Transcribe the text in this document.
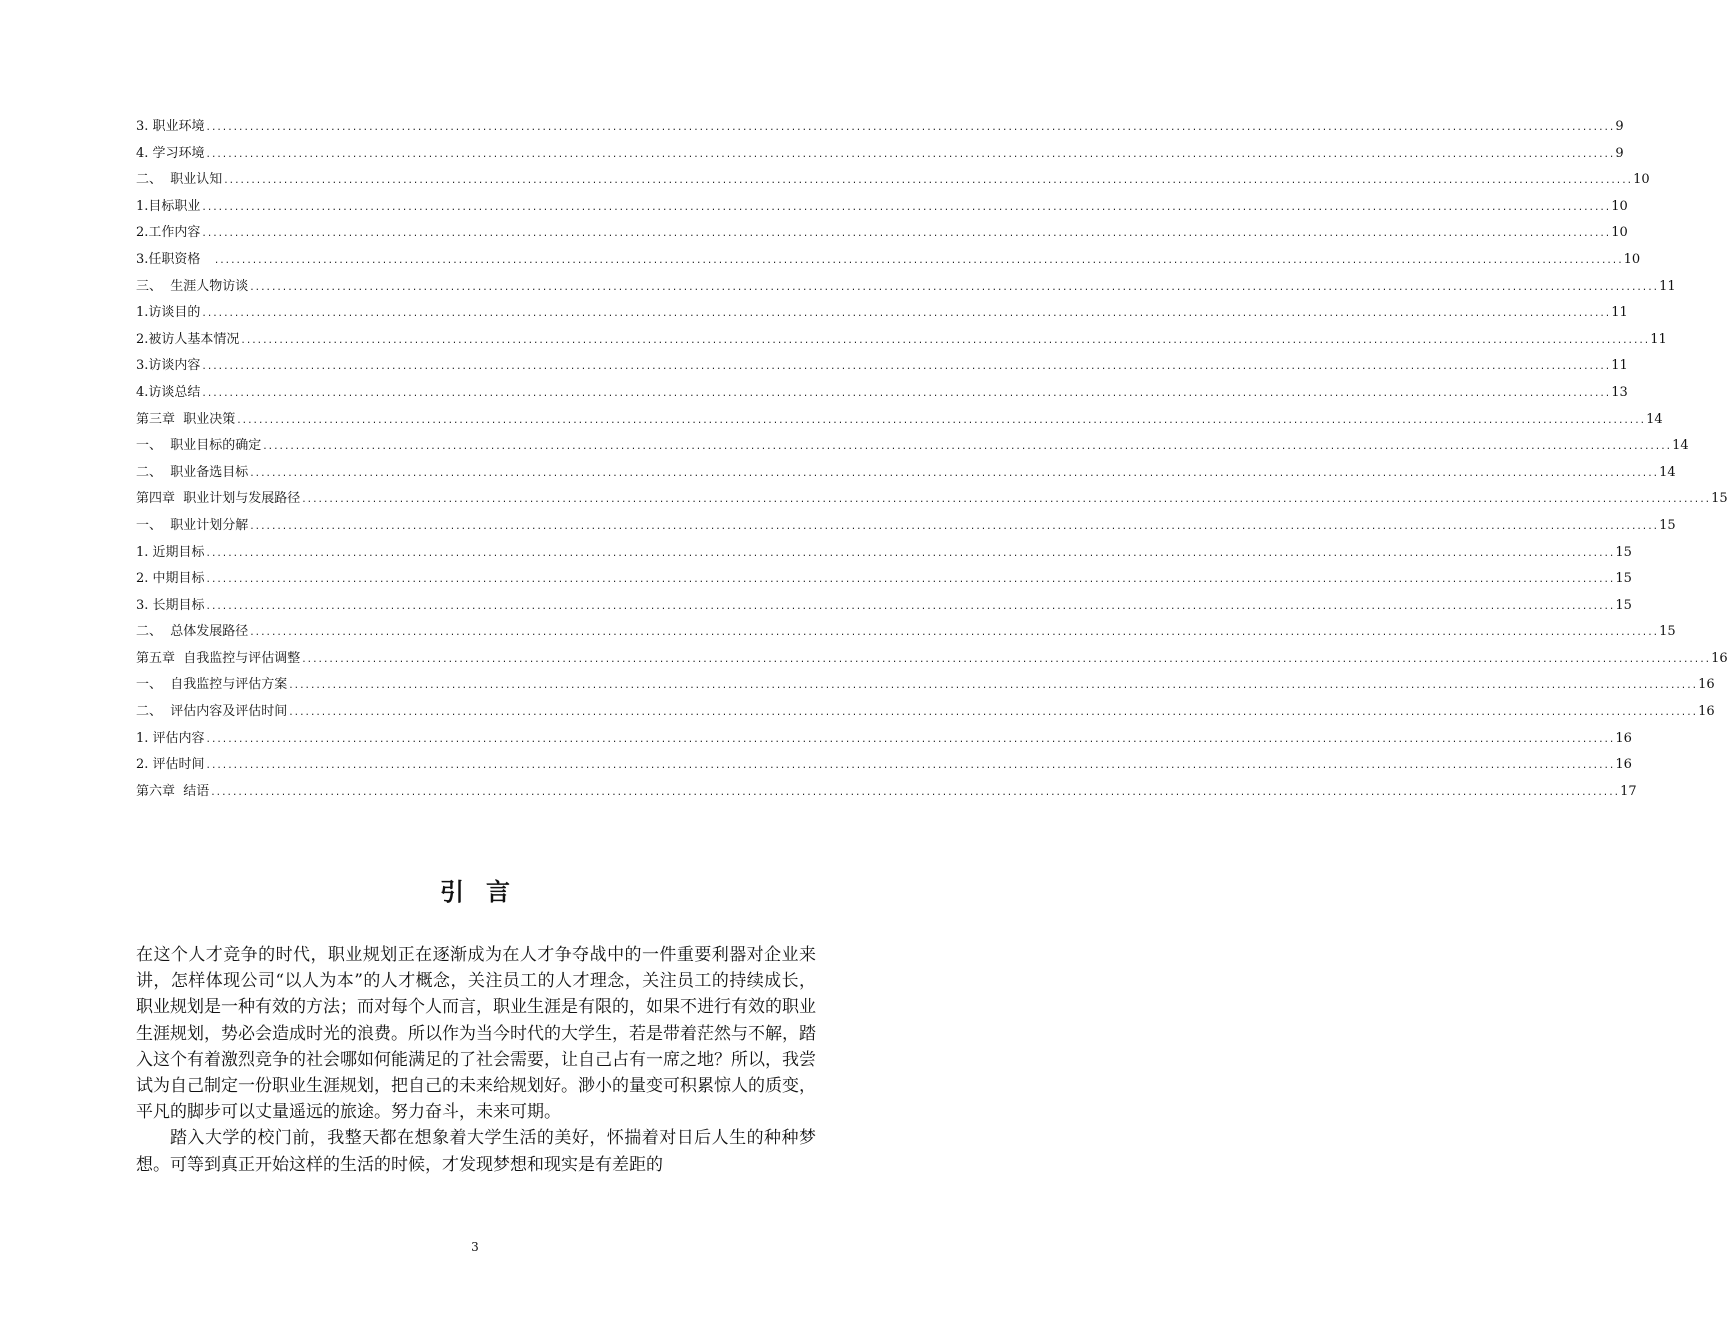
3. 职业环境 .................................................................................................................................................................................................................................................................... 9
4. 学习环境 .................................................................................................................................................................................................................................................................... 9
二、  职业认知 .................................................................................................................................................................................................................................................................... 10
1.目标职业 .................................................................................................................................................................................................................................................................... 10
2.工作内容 .................................................................................................................................................................................................................................................................... 10
3.任职资格 .................................................................................................................................................................................................................................................................... 10
三、  生涯人物访谈 .................................................................................................................................................................................................................................................................... 11
1.访谈目的 .................................................................................................................................................................................................................................................................... 11
2.被访人基本情况 .................................................................................................................................................................................................................................................................... 11
3.访谈内容 .................................................................................................................................................................................................................................................................... 11
4.访谈总结 .................................................................................................................................................................................................................................................................... 13
第三章  职业决策 .................................................................................................................................................................................................................................................................... 14
一、  职业目标的确定 .................................................................................................................................................................................................................................................................... 14
二、  职业备选目标 .................................................................................................................................................................................................................................................................... 14
第四章  职业计划与发展路径 .................................................................................................................................................................................................................................................................... 15
一、  职业计划分解 .................................................................................................................................................................................................................................................................... 15
1. 近期目标 .................................................................................................................................................................................................................................................................... 15
2. 中期目标 .................................................................................................................................................................................................................................................................... 15
3. 长期目标 .................................................................................................................................................................................................................................................................... 15
二、  总体发展路径 .................................................................................................................................................................................................................................................................... 15
第五章  自我监控与评估调整 .................................................................................................................................................................................................................................................................... 16
一、  自我监控与评估方案 .................................................................................................................................................................................................................................................................... 16
二、  评估内容及评估时间 .................................................................................................................................................................................................................................................................... 16
1. 评估内容 .................................................................................................................................................................................................................................................................... 16
2. 评估时间 .................................................................................................................................................................................................................................................................... 16
第六章  结语 .................................................................................................................................................................................................................................................................... 17
引言

在这个人才竞争的时代，职业规划正在逐渐成为在人才争夺战中的一件重要利器对企业来讲，怎样体现公司“以人为本”的人才概念，关注员工的人才理念，关注员工的持续成长，职业规划是一种有效的方法；而对每个人而言，职业生涯是有限的，如果不进行有效的职业生涯规划，势必会造成时光的浪费。所以作为当今时代的大学生，若是带着茫然与不解，踏入这个有着激烈竞争的社会哪如何能满足的了社会需要，让自己占有一席之地？所以，我尝试为自己制定一份职业生涯规划，把自己的未来给规划好。渺小的量变可积累惊人的质变，平凡的脚步可以丈量遥远的旅途。努力奋斗，未来可期。

踏入大学的校门前，我整天都在想象着大学生活的美好，怀揣着对日后人生的种种梦想。可等到真正开始这样的生活的时候，才发现梦想和现实是有差距的

3
